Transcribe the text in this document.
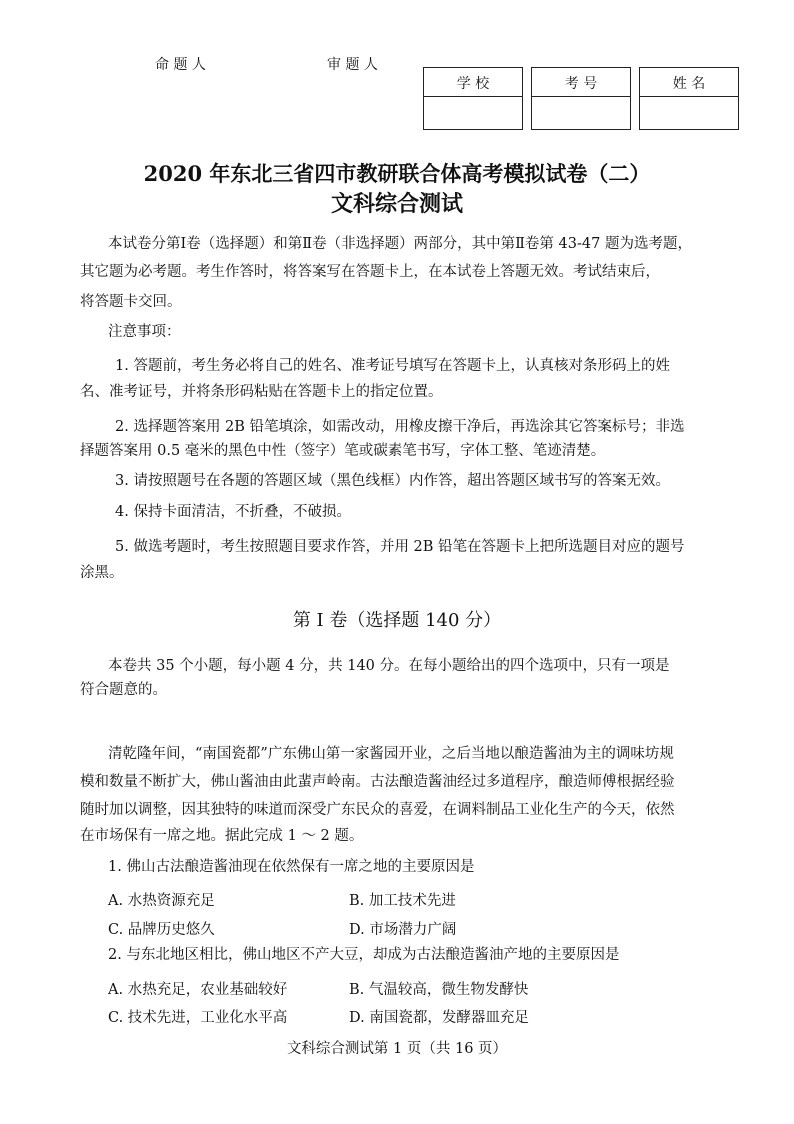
命 题 人	审 题 人
学 校	考 号	姓 名
2020 年东北三省四市教研联合体高考模拟试卷（二）
文科综合测试
本试卷分第Ⅰ卷（选择题）和第Ⅱ卷（非选择题）两部分，其中第Ⅱ卷第 43-47 题为选考题，
其它题为必考题。考生作答时，将答案写在答题卡上，在本试卷上答题无效。考试结束后，
将答题卡交回。
注意事项：
1. 答题前，考生务必将自己的姓名、准考证号填写在答题卡上，认真核对条形码上的姓
名、准考证号，并将条形码粘贴在答题卡上的指定位置。
2. 选择题答案用 2B 铅笔填涂，如需改动，用橡皮擦干净后，再选涂其它答案标号；非选
择题答案用 0.5 毫米的黑色中性（签字）笔或碳素笔书写，字体工整、笔迹清楚。
3. 请按照题号在各题的答题区域（黑色线框）内作答，超出答题区域书写的答案无效。
4. 保持卡面清洁，不折叠，不破损。
5. 做选考题时，考生按照题目要求作答，并用 2B 铅笔在答题卡上把所选题目对应的题号
涂黑。
第 I 卷（选择题 140 分）
本卷共 35 个小题，每小题 4 分，共 140 分。在每小题给出的四个选项中，只有一项是
符合题意的。
清乾隆年间，“南国瓷都”广东佛山第一家酱园开业，之后当地以酿造酱油为主的调味坊规
模和数量不断扩大，佛山酱油由此蜚声岭南。古法酿造酱油经过多道程序，酿造师傅根据经验
随时加以调整，因其独特的味道而深受广东民众的喜爱，在调料制品工业化生产的今天，依然
在市场保有一席之地。据此完成 1 ～ 2 题。
1. 佛山古法酿造酱油现在依然保有一席之地的主要原因是
A. 水热资源充足	B. 加工技术先进
C. 品牌历史悠久	D. 市场潜力广阔
2. 与东北地区相比，佛山地区不产大豆，却成为古法酿造酱油产地的主要原因是
A. 水热充足，农业基础较好	B. 气温较高，微生物发酵快
C. 技术先进，工业化水平高	D. 南国瓷都，发酵器皿充足
文科综合测试第 1 页（共 16 页）
